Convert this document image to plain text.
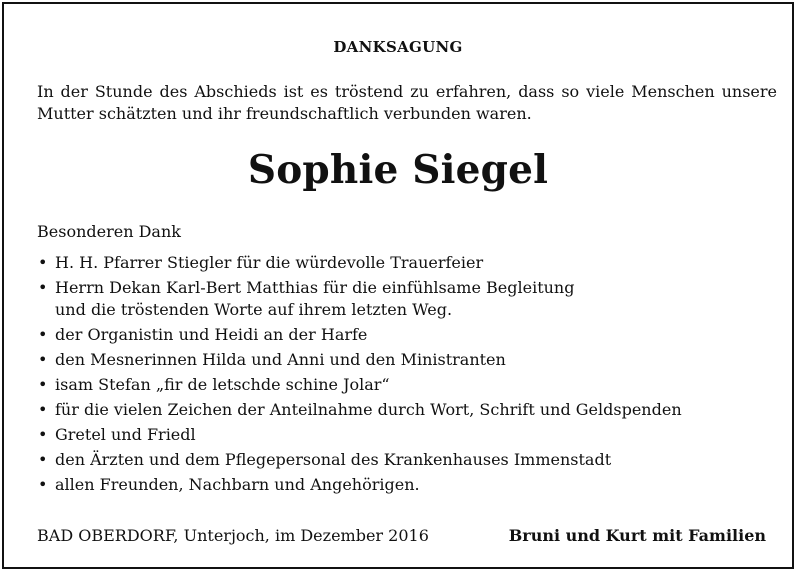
DANKSAGUNG
In der Stunde des Abschieds ist es tröstend zu erfahren, dass so viele Menschen unsere Mutter schätzten und ihr freundschaftlich verbunden waren.
Sophie Siegel
Besonderen Dank
• H. H. Pfarrer Stiegler für die würdevolle Trauerfeier
• Herrn Dekan Karl-Bert Matthias für die einfühlsame Begleitung
und die tröstenden Worte auf ihrem letzten Weg.
• der Organistin und Heidi an der Harfe
• den Mesnerinnen Hilda und Anni und den Ministranten
• isam Stefan „fir de letschde schine Jolar“
• für die vielen Zeichen der Anteilnahme durch Wort, Schrift und Geldspenden
• Gretel und Friedl
• den Ärzten und dem Pflegepersonal des Krankenhauses Immenstadt
• allen Freunden, Nachbarn und Angehörigen.
BAD OBERDORF, Unterjoch, im Dezember 2016	Bruni und Kurt mit Familien
